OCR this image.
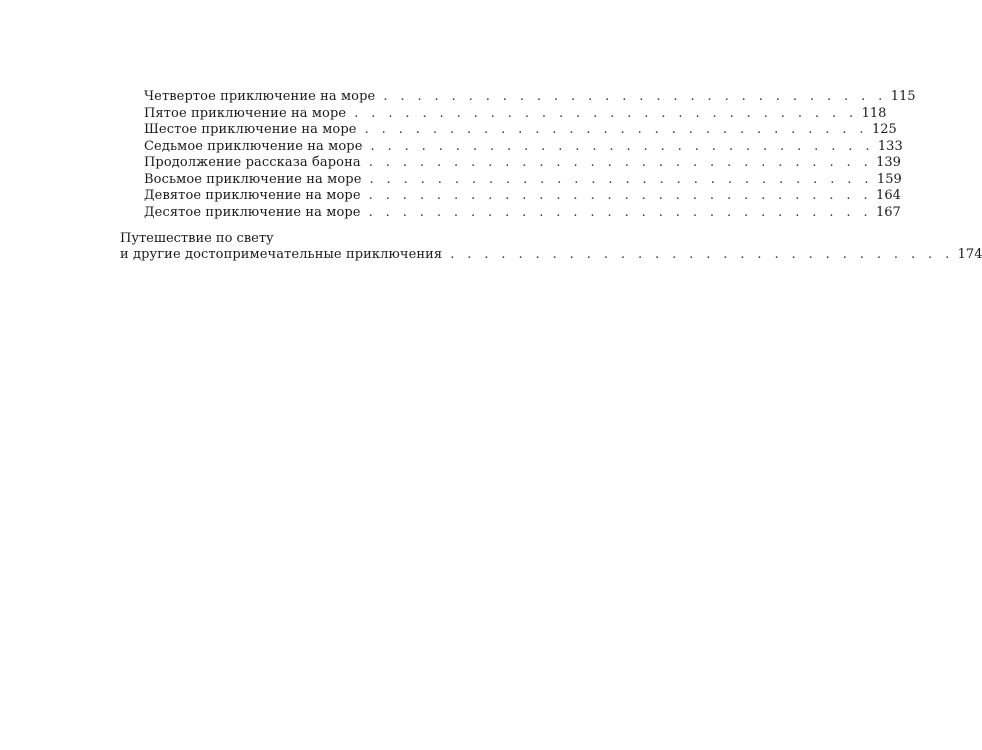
Четвертое приключение на море . . . . . . . . . . . . . . . . . . . . . . . . . . . . . . 115
Пятое приключение на море . . . . . . . . . . . . . . . . . . . . . . . . . . . . . . 118
Шестое приключение на море . . . . . . . . . . . . . . . . . . . . . . . . . . . . . . 125
Седьмое приключение на море . . . . . . . . . . . . . . . . . . . . . . . . . . . . . . 133
Продолжение рассказа барона . . . . . . . . . . . . . . . . . . . . . . . . . . . . . . 139
Восьмое приключение на море . . . . . . . . . . . . . . . . . . . . . . . . . . . . . . 159
Девятое приключение на море . . . . . . . . . . . . . . . . . . . . . . . . . . . . . . 164
Десятое приключение на море . . . . . . . . . . . . . . . . . . . . . . . . . . . . . . 167
Путешествие по свету
и другие достопримечательные приключения . . . . . . . . . . . . . . . . . . . . . . . . . . . . . . 174
